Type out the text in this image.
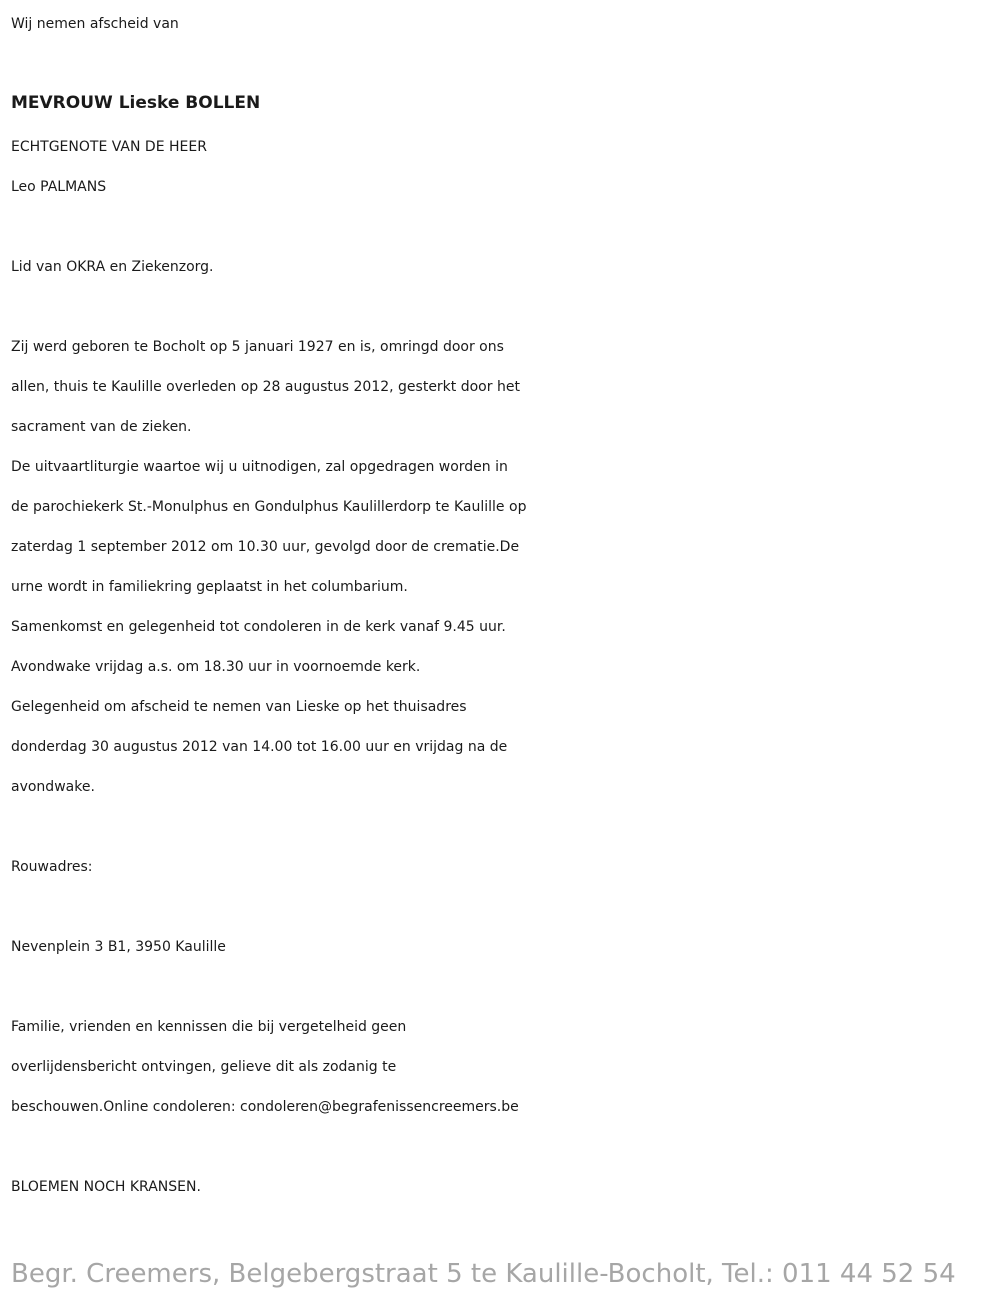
Wij nemen afscheid van
MEVROUW Lieske BOLLEN
ECHTGENOTE VAN DE HEER
Leo PALMANS
Lid van OKRA en Ziekenzorg.
Zij werd geboren te Bocholt op 5 januari 1927 en is, omringd door ons
allen, thuis te Kaulille overleden op 28 augustus 2012, gesterkt door het
sacrament van de zieken.
De uitvaartliturgie waartoe wij u uitnodigen, zal opgedragen worden in
de parochiekerk St.-Monulphus en Gondulphus Kaulillerdorp te Kaulille op
zaterdag 1 september 2012 om 10.30 uur, gevolgd door de crematie.De
urne wordt in familiekring geplaatst in het columbarium.
Samenkomst en gelegenheid tot condoleren in de kerk vanaf 9.45 uur.
Avondwake vrijdag a.s. om 18.30 uur in voornoemde kerk.
Gelegenheid om afscheid te nemen van Lieske op het thuisadres
donderdag 30 augustus 2012 van 14.00 tot 16.00 uur en vrijdag na de
avondwake.
Rouwadres:
Nevenplein 3 B1, 3950 Kaulille
Familie, vrienden en kennissen die bij vergetelheid geen
overlijdensbericht ontvingen, gelieve dit als zodanig te
beschouwen.Online condoleren: condoleren@begrafenissencreemers.be
BLOEMEN NOCH KRANSEN.
Begr. Creemers, Belgebergstraat 5 te Kaulille-Bocholt, Tel.: 011 44 52 54
